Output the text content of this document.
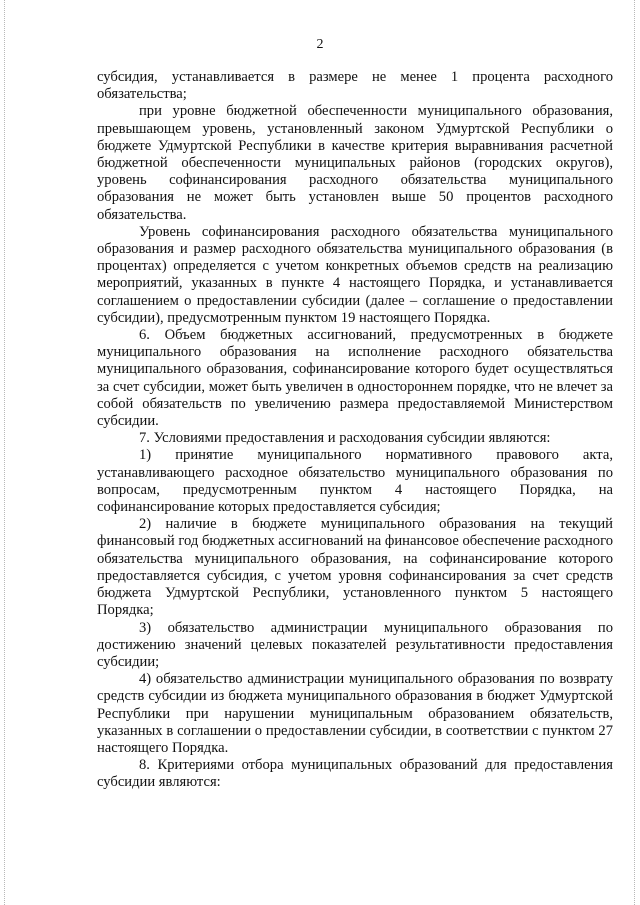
2

субсидия, устанавливается в размере не менее 1 процента расходного обязательства;

при уровне бюджетной обеспеченности муниципального образования, превышающем уровень, установленный законом Удмуртской Республики о бюджете Удмуртской Республики в качестве критерия выравнивания расчетной бюджетной обеспеченности муниципальных районов (городских округов), уровень софинансирования расходного обязательства муниципального образования не может быть установлен выше 50 процентов расходного обязательства.

Уровень софинансирования расходного обязательства муниципального образования и размер расходного обязательства муниципального образования (в процентах) определяется с учетом конкретных объемов средств на реализацию мероприятий, указанных в пункте 4 настоящего Порядка, и устанавливается соглашением о предоставлении субсидии (далее – соглашение о предоставлении субсидии), предусмотренным пунктом 19 настоящего Порядка.

6. Объем бюджетных ассигнований, предусмотренных в бюджете муниципального образования на исполнение расходного обязательства муниципального образования, софинансирование которого будет осуществляться за счет субсидии, может быть увеличен в одностороннем порядке, что не влечет за собой обязательств по увеличению размера предоставляемой Министерством субсидии.

7. Условиями предоставления и расходования субсидии являются:

1) принятие муниципального нормативного правового акта, устанавливающего расходное обязательство муниципального образования по вопросам, предусмотренным пунктом 4 настоящего Порядка, на софинансирование которых предоставляется субсидия;

2) наличие в бюджете муниципального образования на текущий финансовый год бюджетных ассигнований на финансовое обеспечение расходного обязательства муниципального образования, на софинансирование которого предоставляется субсидия, с учетом уровня софинансирования за счет средств бюджета Удмуртской Республики, установленного пунктом 5 настоящего Порядка;

3) обязательство администрации муниципального образования по достижению значений целевых показателей результативности предоставления субсидии;

4) обязательство администрации муниципального образования по возврату средств субсидии из бюджета муниципального образования в бюджет Удмуртской Республики при нарушении муниципальным образованием обязательств, указанных в соглашении о предоставлении субсидии, в соответствии с пунктом 27 настоящего Порядка.

8. Критериями отбора муниципальных образований для предоставления субсидии являются:
